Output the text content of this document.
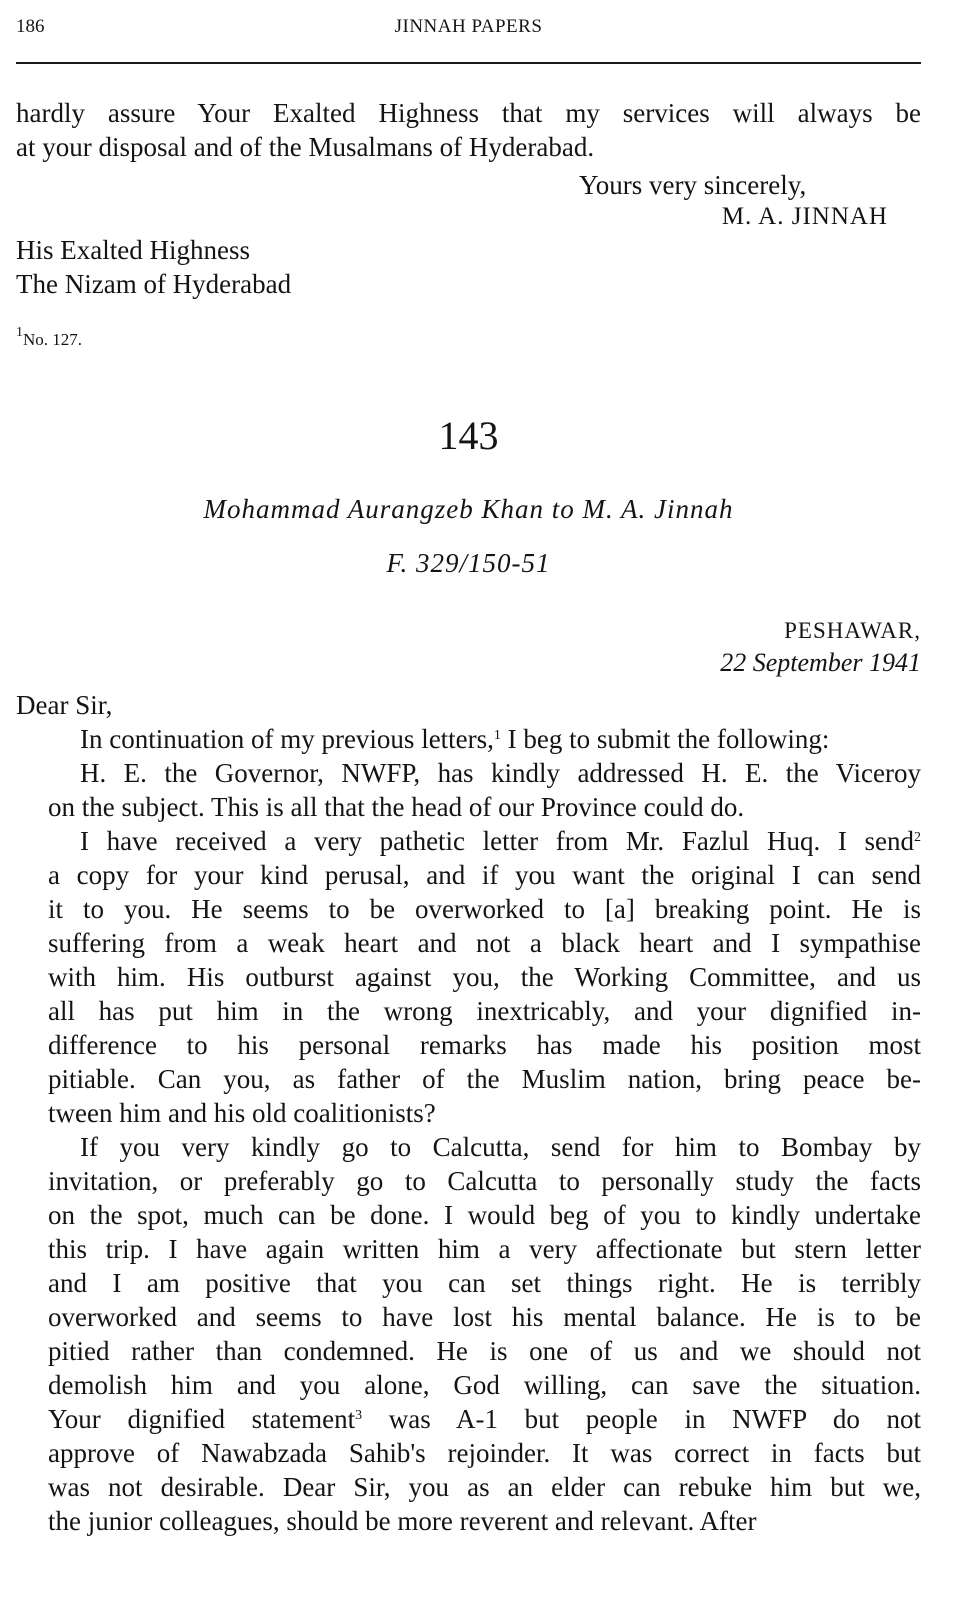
186	JINNAH PAPERS
hardly assure Your Exalted Highness that my services will always be
at your disposal and of the Musalmans of Hyderabad.
Yours very sincerely,
M. A. JINNAH
His Exalted Highness
The Nizam of Hyderabad
$^1$No. 127.
143
Mohammad Aurangzeb Khan to M. A. Jinnah
F. 329/150-51
PESHAWAR,
22 September 1941
Dear Sir,
In continuation of my previous letters,$^1$ I beg to submit the following:
H. E. the Governor, NWFP, has kindly addressed H. E. the Viceroy
on the subject. This is all that the head of our Province could do.
I have received a very pathetic letter from Mr. Fazlul Huq. I send$^2$
a copy for your kind perusal, and if you want the original I can send
it to you. He seems to be overworked to [a] breaking point. He is
suffering from a weak heart and not a black heart and I sympathise
with him. His outburst against you, the Working Committee, and us
all has put him in the wrong inextricably, and your dignified in-
difference to his personal remarks has made his position most
pitiable. Can you, as father of the Muslim nation, bring peace be-
tween him and his old coalitionists?
If you very kindly go to Calcutta, send for him to Bombay by
invitation, or preferably go to Calcutta to personally study the facts
on the spot, much can be done. I would beg of you to kindly undertake
this trip. I have again written him a very affectionate but stern letter
and I am positive that you can set things right. He is terribly
overworked and seems to have lost his mental balance. He is to be
pitied rather than condemned. He is one of us and we should not
demolish him and you alone, God willing, can save the situation.
Your dignified statement$^3$ was A-1 but people in NWFP do not
approve of Nawabzada Sahib's rejoinder. It was correct in facts but
was not desirable. Dear Sir, you as an elder can rebuke him but we,
the junior colleagues, should be more reverent and relevant. After
